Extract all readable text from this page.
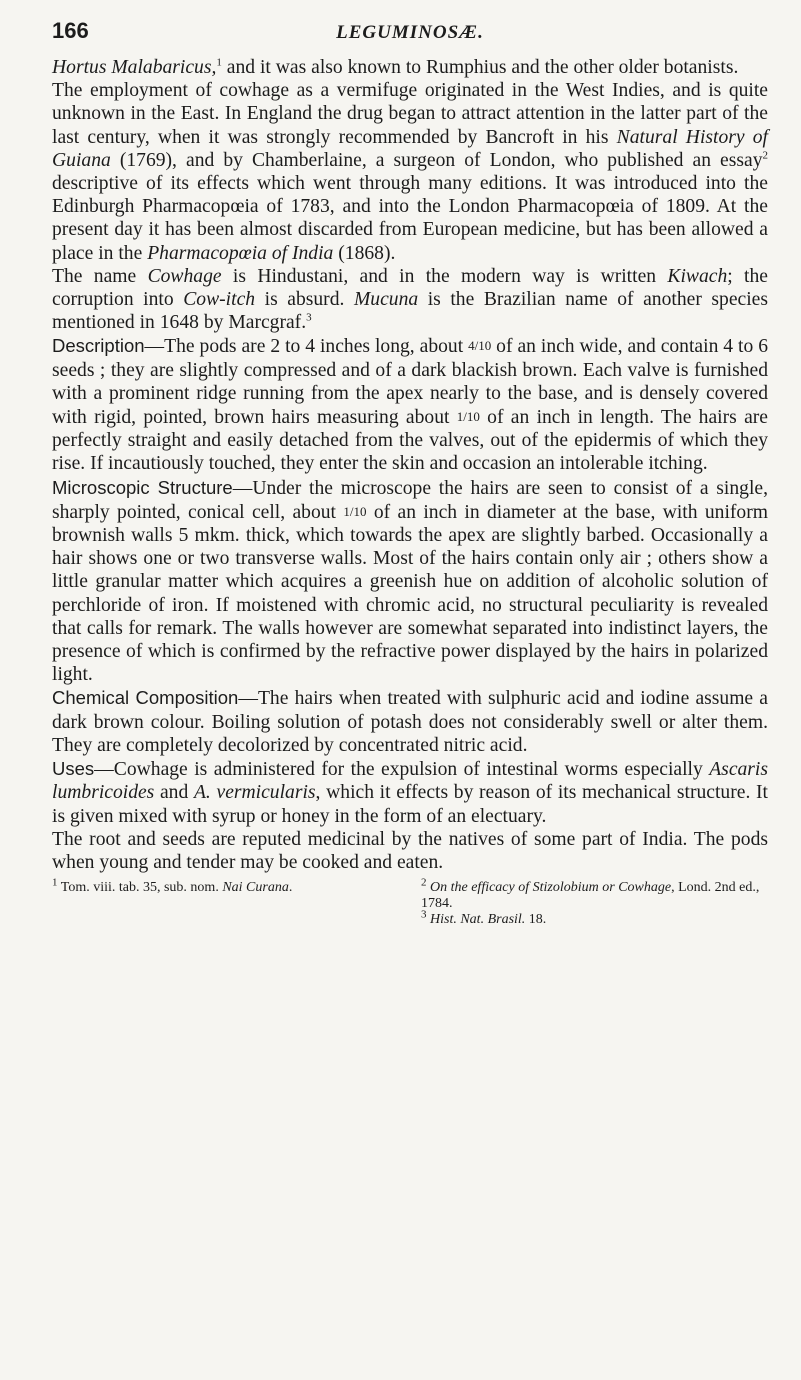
166	LEGUMINOSÆ.

Hortus Malabaricus,$^1$ and it was also known to Rumphius and the other older botanists.

The employment of cowhage as a vermifuge originated in the West Indies, and is quite unknown in the East. In England the drug began to attract attention in the latter part of the last century, when it was strongly recommended by Bancroft in his Natural History of Guiana (1769), and by Chamberlaine, a surgeon of London, who published an essay$^2$ descriptive of its effects which went through many editions. It was introduced into the Edinburgh Pharmacopœia of 1783, and into the London Pharmacopœia of 1809. At the present day it has been almost discarded from European medicine, but has been allowed a place in the Pharmacopœia of India (1868).

The name Cowhage is Hindustani, and in the modern way is written Kiwach; the corruption into Cow-itch is absurd. Mucuna is the Brazilian name of another species mentioned in 1648 by Marcgraf.$^3$

Description—The pods are 2 to 4 inches long, about 4/10 of an inch wide, and contain 4 to 6 seeds ; they are slightly compressed and of a dark blackish brown. Each valve is furnished with a prominent ridge running from the apex nearly to the base, and is densely covered with rigid, pointed, brown hairs measuring about 1/10 of an inch in length. The hairs are perfectly straight and easily detached from the valves, out of the epidermis of which they rise. If incautiously touched, they enter the skin and occasion an intolerable itching.

Microscopic Structure—Under the microscope the hairs are seen to consist of a single, sharply pointed, conical cell, about 1/10 of an inch in diameter at the base, with uniform brownish walls 5 mkm. thick, which towards the apex are slightly barbed. Occasionally a hair shows one or two transverse walls. Most of the hairs contain only air ; others show a little granular matter which acquires a greenish hue on addition of alcoholic solution of perchloride of iron. If moistened with chromic acid, no structural peculiarity is revealed that calls for remark. The walls however are somewhat separated into indistinct layers, the presence of which is confirmed by the refractive power displayed by the hairs in polarized light.

Chemical Composition—The hairs when treated with sulphuric acid and iodine assume a dark brown colour. Boiling solution of potash does not considerably swell or alter them. They are completely decolorized by concentrated nitric acid.

Uses—Cowhage is administered for the expulsion of intestinal worms especially Ascaris lumbricoides and A. vermicularis, which it effects by reason of its mechanical structure. It is given mixed with syrup or honey in the form of an electuary.

The root and seeds are reputed medicinal by the natives of some part of India. The pods when young and tender may be cooked and eaten.

$^1$ Tom. viii. tab. 35, sub. nom. Nai Curana.	$^2$ On the efficacy of Stizolobium or Cowhage, Lond. 2nd ed., 1784.
$^3$ Hist. Nat. Brasil. 18.
